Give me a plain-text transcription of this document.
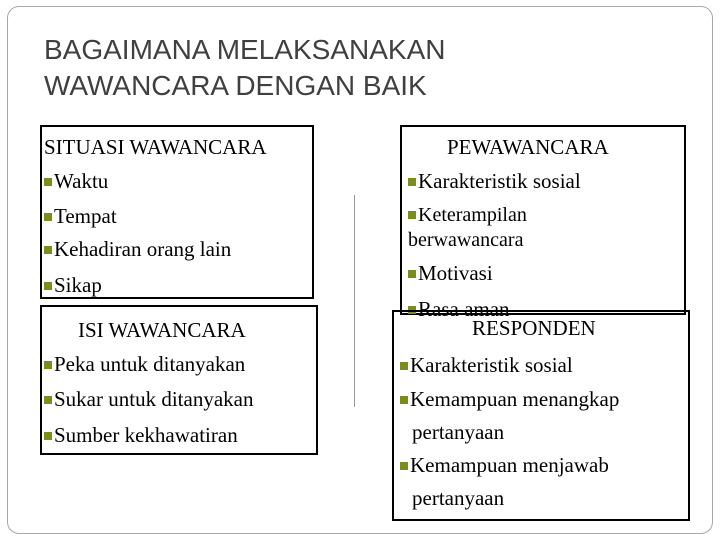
BAGAIMANA MELAKSANAKAN
WAWANCARA DENGAN BAIK
SITUASI WAWANCARA
Waktu
Tempat
Kehadiran orang lain
Sikap
ISI WAWANCARA
Peka untuk ditanyakan
Sukar untuk ditanyakan
Sumber kekhawatiran
PEWAWANCARA
Karakteristik sosial
Keterampilan
berwawancara
Motivasi
Rasa aman
RESPONDEN
Karakteristik sosial
Kemampuan menangkap
pertanyaan
Kemampuan menjawab
pertanyaan
